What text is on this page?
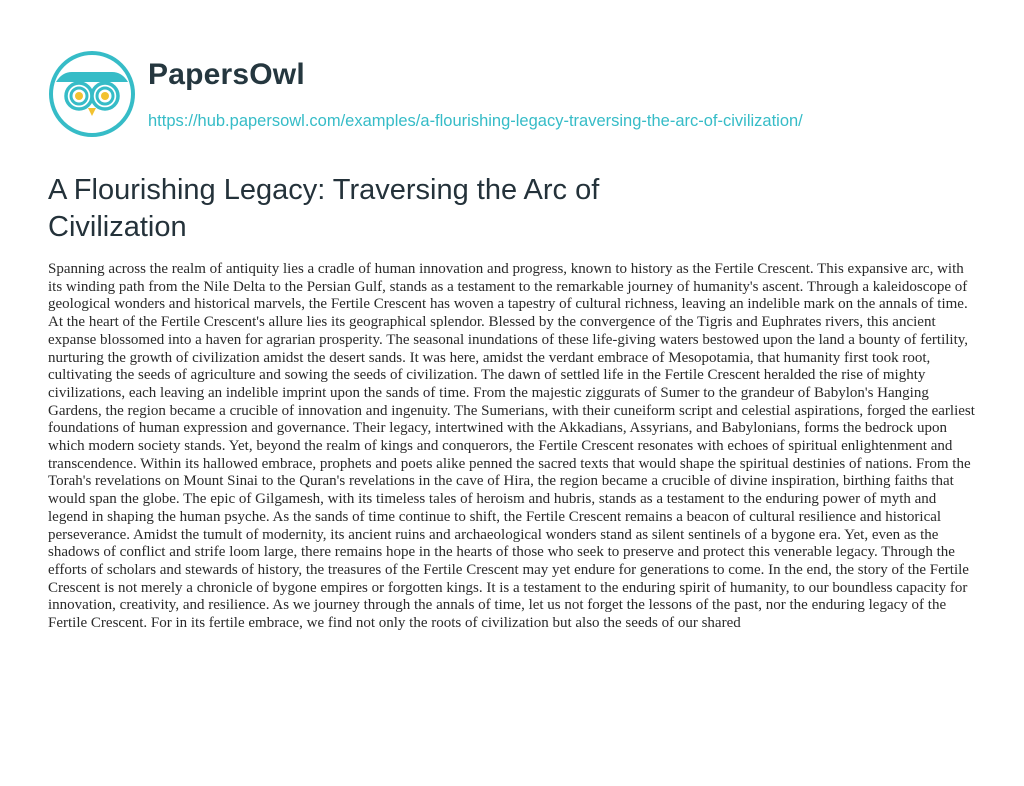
PapersOwl
https://hub.papersowl.com/examples/a-flourishing-legacy-traversing-the-arc-of-civilization/
A Flourishing Legacy: Traversing the Arc of Civilization

Spanning across the realm of antiquity lies a cradle of human innovation and progress, known to history as the Fertile Crescent. This expansive arc, with its winding path from the Nile Delta to the Persian Gulf, stands as a testament to the remarkable journey of humanity's ascent. Through a kaleidoscope of geological wonders and historical marvels, the Fertile Crescent has woven a tapestry of cultural richness, leaving an indelible mark on the annals of time. At the heart of the Fertile Crescent's allure lies its geographical splendor. Blessed by the convergence of the Tigris and Euphrates rivers, this ancient expanse blossomed into a haven for agrarian prosperity. The seasonal inundations of these life-giving waters bestowed upon the land a bounty of fertility, nurturing the growth of civilization amidst the desert sands. It was here, amidst the verdant embrace of Mesopotamia, that humanity first took root, cultivating the seeds of agriculture and sowing the seeds of civilization. The dawn of settled life in the Fertile Crescent heralded the rise of mighty civilizations, each leaving an indelible imprint upon the sands of time. From the majestic ziggurats of Sumer to the grandeur of Babylon's Hanging Gardens, the region became a crucible of innovation and ingenuity. The Sumerians, with their cuneiform script and celestial aspirations, forged the earliest foundations of human expression and governance. Their legacy, intertwined with the Akkadians, Assyrians, and Babylonians, forms the bedrock upon which modern society stands. Yet, beyond the realm of kings and conquerors, the Fertile Crescent resonates with echoes of spiritual enlightenment and transcendence. Within its hallowed embrace, prophets and poets alike penned the sacred texts that would shape the spiritual destinies of nations. From the Torah's revelations on Mount Sinai to the Quran's revelations in the cave of Hira, the region became a crucible of divine inspiration, birthing faiths that would span the globe. The epic of Gilgamesh, with its timeless tales of heroism and hubris, stands as a testament to the enduring power of myth and legend in shaping the human psyche. As the sands of time continue to shift, the Fertile Crescent remains a beacon of cultural resilience and historical perseverance. Amidst the tumult of modernity, its ancient ruins and archaeological wonders stand as silent sentinels of a bygone era. Yet, even as the shadows of conflict and strife loom large, there remains hope in the hearts of those who seek to preserve and protect this venerable legacy. Through the efforts of scholars and stewards of history, the treasures of the Fertile Crescent may yet endure for generations to come. In the end, the story of the Fertile Crescent is not merely a chronicle of bygone empires or forgotten kings. It is a testament to the enduring spirit of humanity, to our boundless capacity for innovation, creativity, and resilience. As we journey through the annals of time, let us not forget the lessons of the past, nor the enduring legacy of the Fertile Crescent. For in its fertile embrace, we find not only the roots of civilization but also the seeds of our shared
